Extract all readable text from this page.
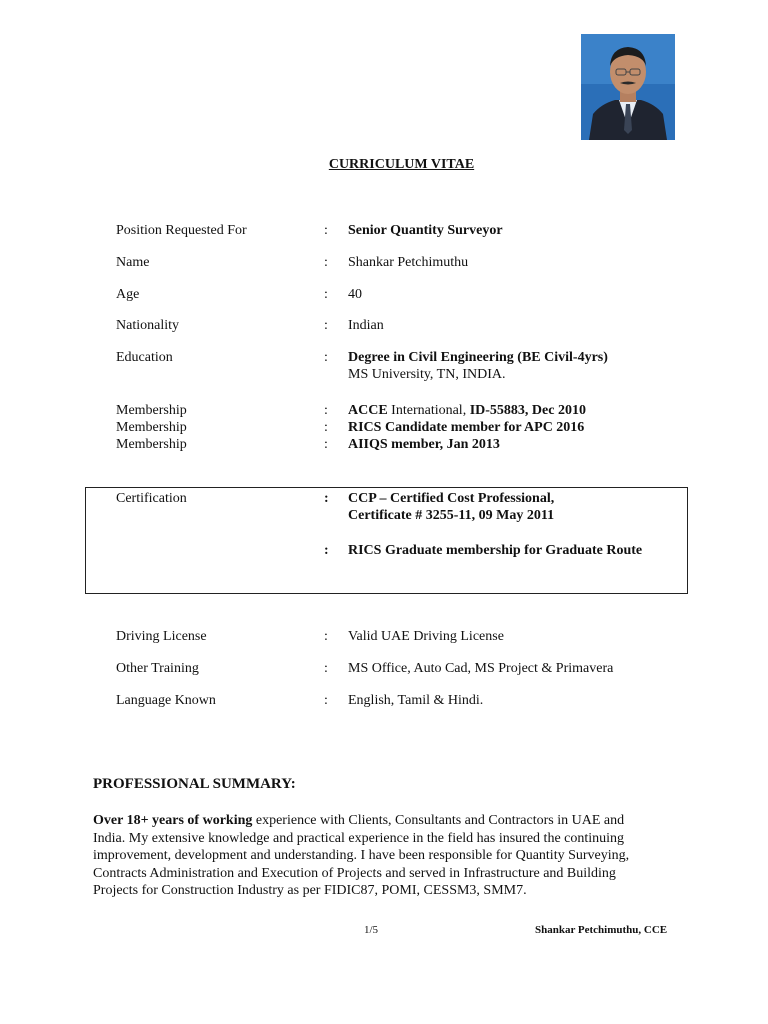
CURRICULUM VITAE
Position Requested For	: Senior Quantity Surveyor
Name	: Shankar Petchimuthu
Age	: 40
Nationality	: Indian
Education	: Degree in Civil Engineering (BE Civil-4yrs)
MS University, TN, INDIA.
Membership	: ACCE International, ID-55883, Dec 2010
Membership	: RICS Candidate member for APC 2016
Membership	: AIIQS member, Jan 2013
Certification	: CCP – Certified Cost Professional,
Certificate # 3255-11, 09 May 2011
: RICS Graduate membership for Graduate Route
Driving License	: Valid UAE Driving License
Other Training	: MS Office, Auto Cad, MS Project & Primavera
Language Known	: English, Tamil & Hindi.
PROFESSIONAL SUMMARY:

Over 18+ years of working experience with Clients, Consultants and Contractors in UAE and

India. My extensive knowledge and practical experience in the field has insured the continuing

improvement, development and understanding. I have been responsible for Quantity Surveying,

Contracts Administration and Execution of Projects and served in Infrastructure and Building

Projects for Construction Industry as per FIDIC87, POMI, CESSM3, SMM7.

1/5	Shankar Petchimuthu, CCE
